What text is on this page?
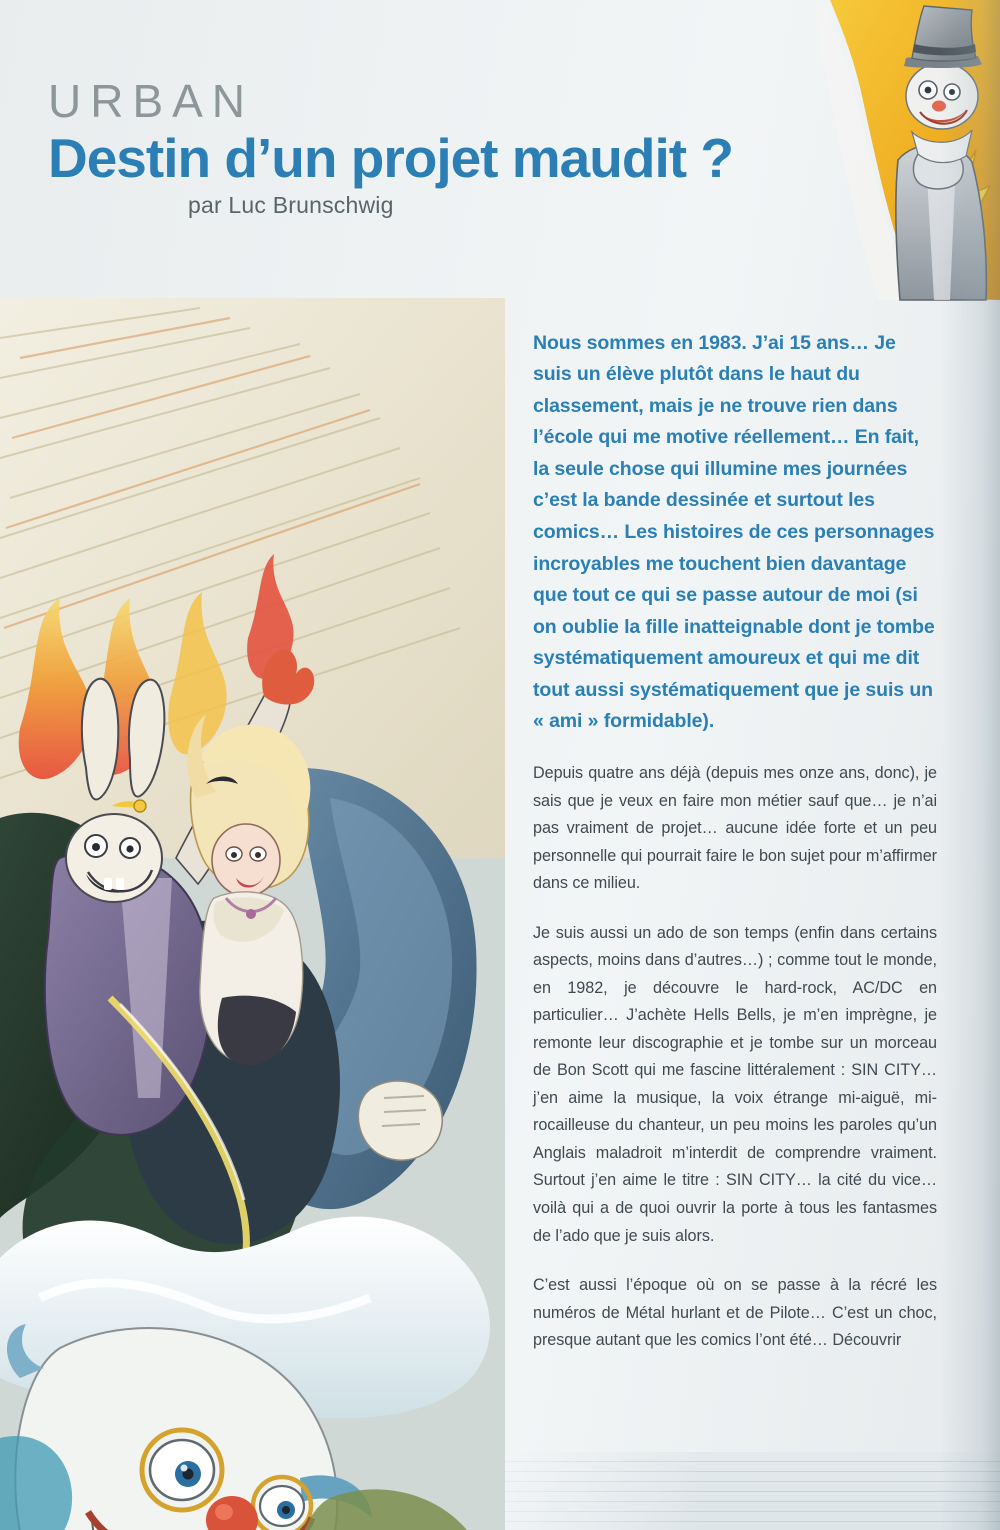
URBAN
Destin d’un projet maudit ?
par Luc Brunschwig

Nous sommes en 1983. J’ai 15 ans… Je suis un élève plutôt dans le haut du classement, mais je ne trouve rien dans l’école qui me motive réellement… En fait, la seule chose qui illumine mes journées c’est la bande dessinée et surtout les comics… Les histoires de ces personnages incroyables me touchent bien davantage que tout ce qui se passe autour de moi (si on oublie la fille inatteignable dont je tombe systématiquement amoureux et qui me dit tout aussi systématiquement que je suis un « ami » formidable).

Depuis quatre ans déjà (depuis mes onze ans, donc), je sais que je veux en faire mon métier sauf que… je n’ai pas vraiment de projet… aucune idée forte et un peu personnelle qui pourrait faire le bon sujet pour m’affirmer dans ce milieu.

Je suis aussi un ado de son temps (enfin dans certains aspects, moins dans d’autres…) ; comme tout le monde, en 1982, je découvre le hard-rock, AC/DC en particulier… J’achète Hells Bells, je m’en imprègne, je remonte leur discographie et je tombe sur un morceau de Bon Scott qui me fascine littéralement : SIN CITY… j’en aime la musique, la voix étrange mi-aiguë, mi-rocailleuse du chanteur, un peu moins les paroles qu’un Anglais maladroit m’interdit de comprendre vraiment. Surtout j’en aime le titre : SIN CITY… la cité du vice… voilà qui a de quoi ouvrir la porte à tous les fantasmes de l’ado que je suis alors.

C’est aussi l’époque où on se passe à la récré les numéros de Métal hurlant et de Pilote… C’est un choc, presque autant que les comics l’ont été… Découvrir
